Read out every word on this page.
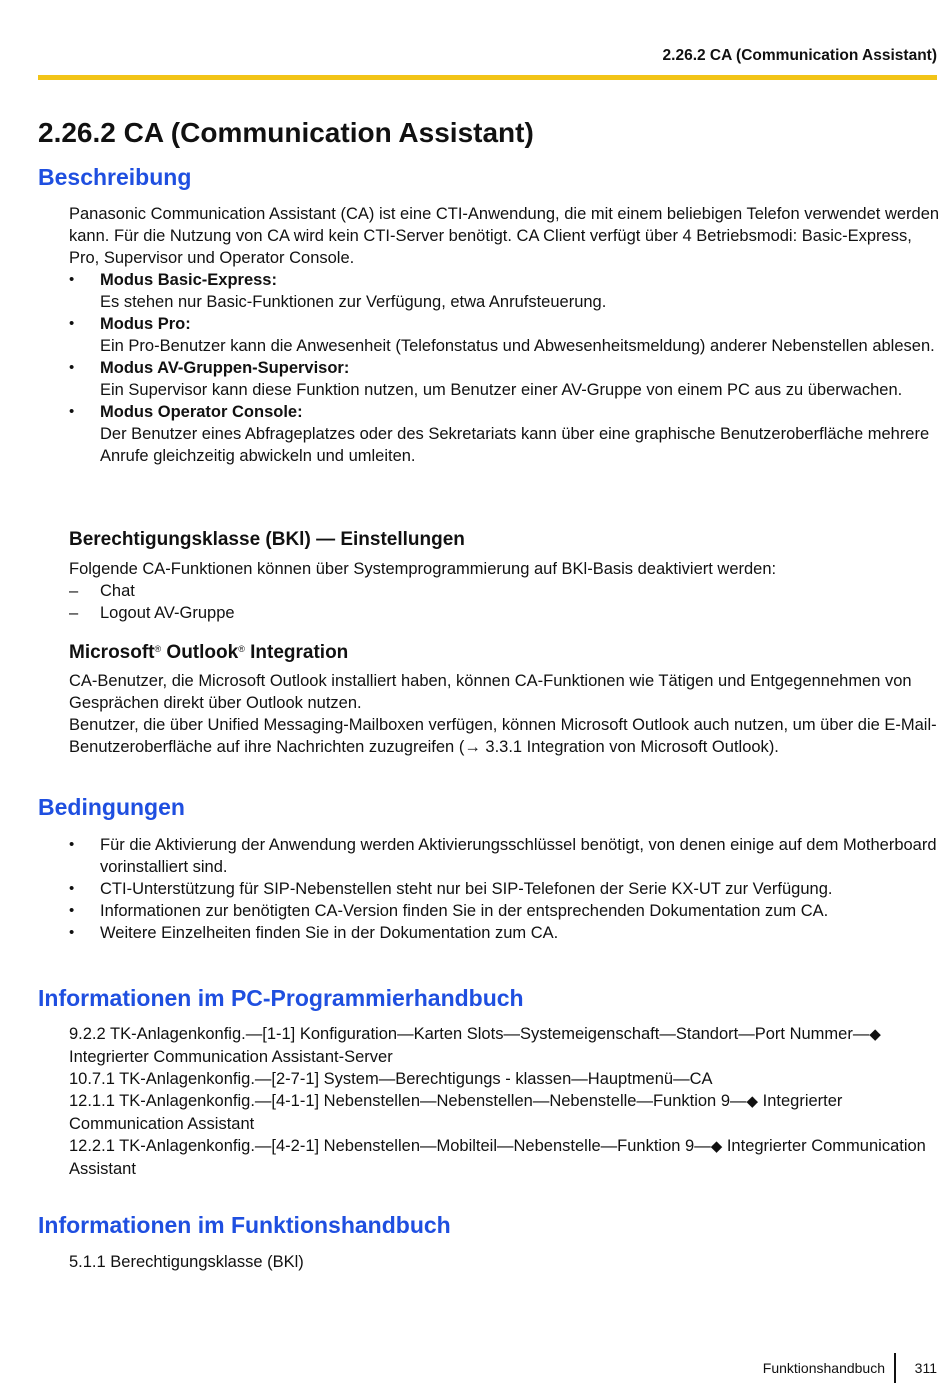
2.26.2 CA (Communication Assistant)
2.26.2 CA (Communication Assistant)
Beschreibung
Panasonic Communication Assistant (CA) ist eine CTI-Anwendung, die mit einem beliebigen Telefon verwendet werden kann. Für die Nutzung von CA wird kein CTI-Server benötigt. CA Client verfügt über 4 Betriebsmodi: Basic-Express, Pro, Supervisor und Operator Console.
• Modus Basic-Express:
Es stehen nur Basic-Funktionen zur Verfügung, etwa Anrufsteuerung.
• Modus Pro:
Ein Pro-Benutzer kann die Anwesenheit (Telefonstatus und Abwesenheitsmeldung) anderer Nebenstellen ablesen.
• Modus AV-Gruppen-Supervisor:
Ein Supervisor kann diese Funktion nutzen, um Benutzer einer AV-Gruppe von einem PC aus zu überwachen.
• Modus Operator Console:
Der Benutzer eines Abfrageplatzes oder des Sekretariats kann über eine graphische Benutzeroberfläche mehrere Anrufe gleichzeitig abwickeln und umleiten.
Berechtigungsklasse (BKl) — Einstellungen
Folgende CA-Funktionen können über Systemprogrammierung auf BKl-Basis deaktiviert werden:
– Chat
– Logout AV-Gruppe
Microsoft® Outlook® Integration
CA-Benutzer, die Microsoft Outlook installiert haben, können CA-Funktionen wie Tätigen und Entgegennehmen von Gesprächen direkt über Outlook nutzen.
Benutzer, die über Unified Messaging-Mailboxen verfügen, können Microsoft Outlook auch nutzen, um über die E-Mail-Benutzeroberfläche auf ihre Nachrichten zuzugreifen (→ 3.3.1 Integration von Microsoft Outlook).
Bedingungen
• Für die Aktivierung der Anwendung werden Aktivierungsschlüssel benötigt, von denen einige auf dem Motherboard vorinstalliert sind.
• CTI-Unterstützung für SIP-Nebenstellen steht nur bei SIP-Telefonen der Serie KX-UT zur Verfügung.
• Informationen zur benötigten CA-Version finden Sie in der entsprechenden Dokumentation zum CA.
• Weitere Einzelheiten finden Sie in der Dokumentation zum CA.
Informationen im PC-Programmierhandbuch
9.2.2 TK-Anlagenkonfig.—[1-1] Konfiguration—Karten Slots—Systemeigenschaft—Standort—Port Nummer—◆ Integrierter Communication Assistant-Server
10.7.1 TK-Anlagenkonfig.—[2-7-1] System—Berechtigungs - klassen—Hauptmenü—CA
12.1.1 TK-Anlagenkonfig.—[4-1-1] Nebenstellen—Nebenstellen—Nebenstelle—Funktion 9—◆ Integrierter Communication Assistant
12.2.1 TK-Anlagenkonfig.—[4-2-1] Nebenstellen—Mobilteil—Nebenstelle—Funktion 9—◆ Integrierter Communication Assistant
Informationen im Funktionshandbuch
5.1.1 Berechtigungsklasse (BKl)
Funktionshandbuch 311
